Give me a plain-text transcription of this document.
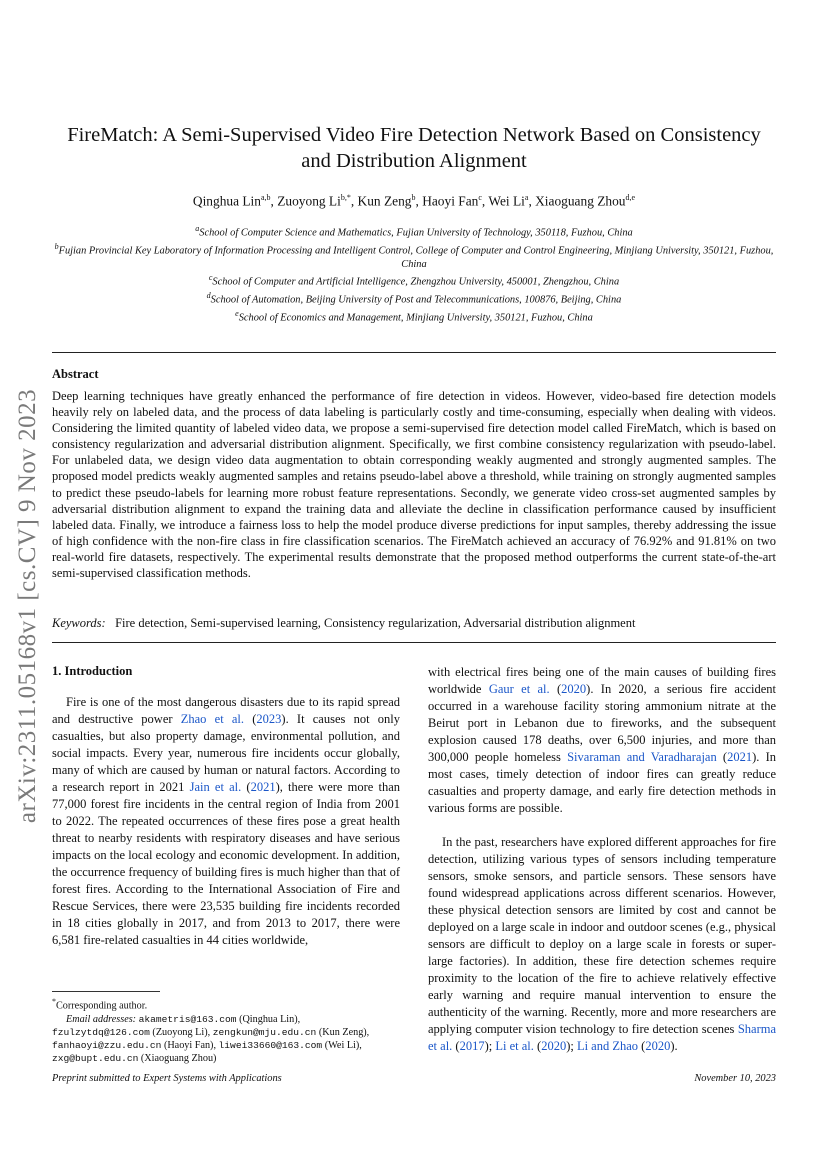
arXiv:2311.05168v1 [cs.CV] 9 Nov 2023
FireMatch: A Semi-Supervised Video Fire Detection Network Based on Consistency and Distribution Alignment
Qinghua Lin$^{a,b}$, Zuoyong $Li^{b,*}$, Kun Zeng$^b$, Haoyi Fan$^c$, Wei Li$^a$, Xiaoguang Zhou$^{d,e}$
$^a$School of Computer Science and Mathematics, Fujian University of Technology, 350118, Fuzhou, China
$^b$Fujian Provincial Key Laboratory of Information Processing and Intelligent Control, College of Computer and Control Engineering, Minjiang University, 350121, Fuzhou, China
$^c$School of Computer and Artificial Intelligence, Zhengzhou University, 450001, Zhengzhou, China
$^d$School of Automation, Beijing University of Post and Telecommunications, 100876, Beijing, China
$^e$School of Economics and Management, Minjiang University, 350121, Fuzhou, China
Abstract
Deep learning techniques have greatly enhanced the performance of fire detection in videos. However, video-based fire detection models heavily rely on labeled data, and the process of data labeling is particularly costly and time-consuming, especially when dealing with videos. Considering the limited quantity of labeled video data, we propose a semi-supervised fire detection model called FireMatch, which is based on consistency regularization and adversarial distribution alignment. Specifically, we first combine consistency regularization with pseudo-label. For unlabeled data, we design video data augmentation to obtain corresponding weakly augmented and strongly augmented samples. The proposed model predicts weakly augmented samples and retains pseudo-label above a threshold, while training on strongly augmented samples to predict these pseudo-labels for learning more robust feature representations. Secondly, we generate video cross-set augmented samples by adversarial distribution alignment to expand the training data and alleviate the decline in classification performance caused by insufficient labeled data. Finally, we introduce a fairness loss to help the model produce diverse predictions for input samples, thereby addressing the issue of high confidence with the non-fire class in fire classification scenarios. The FireMatch achieved an accuracy of 76.92% and 91.81% on two real-world fire datasets, respectively. The experimental results demonstrate that the proposed method outperforms the current state-of-the-art semi-supervised classification methods.
Keywords: Fire detection, Semi-supervised learning, Consistency regularization, Adversarial distribution alignment
1. Introduction

Fire is one of the most dangerous disasters due to its rapid spread and destructive power Zhao et al. (2023). It causes not only casualties, but also property damage, environmental pollution, and social impacts. Every year, numerous fire incidents occur globally, many of which are caused by human or natural factors. According to a research report in 2021 Jain et al. (2021), there were more than 77,000 forest fire incidents in the central region of India from 2001 to 2022. The repeated occurrences of these fires pose a great health threat to nearby residents with respiratory diseases and have serious impacts on the local ecology and economic development. In addition, the occurrence frequency of building fires is much higher than that of forest fires. According to the International Association of Fire and Rescue Services, there were 23,535 building fire incidents recorded in 18 cities globally in 2017, and from 2013 to 2017, there were 6,581 fire-related casualties in 44 cities worldwide,

with electrical fires being one of the main causes of building fires worldwide Gaur et al. (2020). In 2020, a serious fire accident occurred in a warehouse facility storing ammonium nitrate at the Beirut port in Lebanon due to fireworks, and the subsequent explosion caused 178 deaths, over 6,500 injuries, and more than 300,000 people homeless Sivaraman and Varadharajan (2021). In most cases, timely detection of indoor fires can greatly reduce casualties and property damage, and early fire detection methods in various forms are possible.

In the past, researchers have explored different approaches for fire detection, utilizing various types of sensors including temperature sensors, smoke sensors, and particle sensors. These sensors have found widespread applications across different scenarios. However, these physical detection sensors are limited by cost and cannot be deployed on a large scale in indoor and outdoor scenes (e.g., physical sensors are difficult to deploy on a large scale in forests or super-large factories). In addition, these fire detection schemes require proximity to the location of the fire to achieve relatively effective early warning and require manual intervention to ensure the authenticity of the warning. Recently, more and more researchers are applying computer vision technology to fire detection scenes Sharma et al. (2017); Li et al. (2020); Li and Zhao (2020).

*Corresponding author.
Email addresses: akametris@163.com (Qinghua Lin),
fzulzytdq@126.com (Zuoyong Li), zengkun@mju.edu.cn (Kun Zeng),
fanhaoyi@zzu.edu.cn (Haoyi Fan), liwei33660@163.com (Wei Li),
zxg@bupt.edu.cn (Xiaoguang Zhou)
Preprint submitted to Expert Systems with Applications	November 10, 2023
